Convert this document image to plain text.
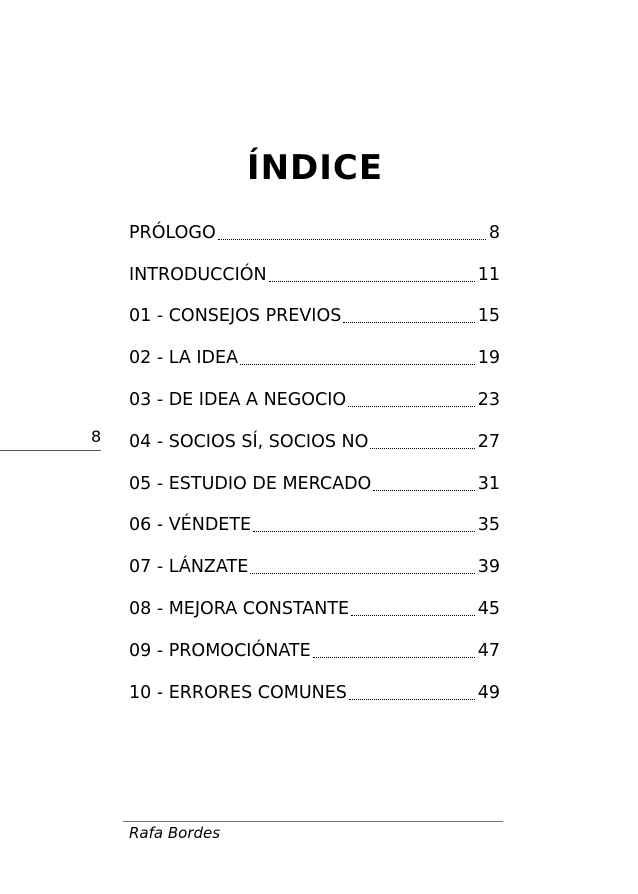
ÍNDICE
PRÓLOGO	8
INTRODUCCIÓN	11
01 - CONSEJOS PREVIOS	15
02 - LA IDEA	19
03 - DE IDEA A NEGOCIO	23
04 - SOCIOS SÍ, SOCIOS NO	27
05 - ESTUDIO DE MERCADO	31
06 - VÉNDETE	35
07 - LÁNZATE	39
08 - MEJORA CONSTANTE	45
09 - PROMOCIÓNATE	47
10 - ERRORES COMUNES	49
8
Rafa Bordes
